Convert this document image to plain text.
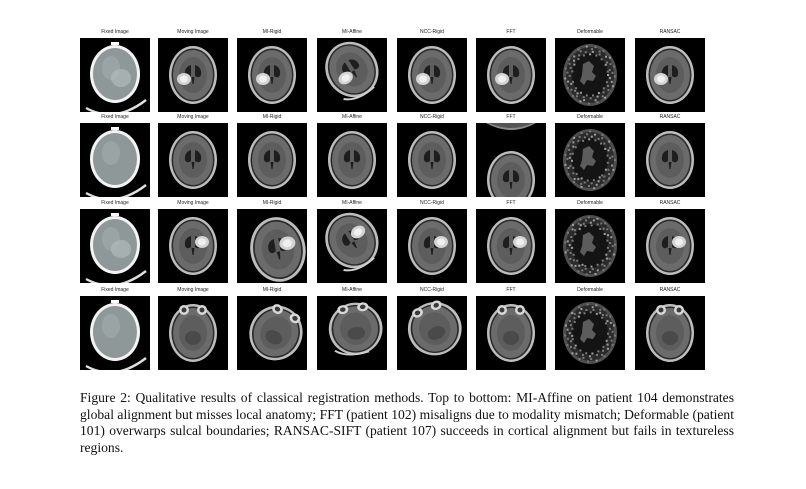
Fixed Image	Moving Image	MI-Rigid	MI-Affine	NCC-Rigid	FFT	Deformable	RANSAC
Fixed Image	Moving Image	MI-Rigid	MI-Affine	NCC-Rigid	FFT	Deformable	RANSAC
Fixed Image	Moving Image	MI-Rigid	MI-Affine	NCC-Rigid	FFT	Deformable	RANSAC
Fixed Image	Moving Image	MI-Rigid	MI-Affine	NCC-Rigid	FFT	Deformable	RANSAC

Figure 2: Qualitative results of classical registration methods. Top to bottom: MI-Affine on patient 104 demonstrates global alignment but misses local anatomy; FFT (patient 102) misaligns due to modality mismatch; Deformable (patient 101) overwarps sulcal boundaries; RANSAC-SIFT (patient 107) succeeds in cortical alignment but fails in textureless regions.
